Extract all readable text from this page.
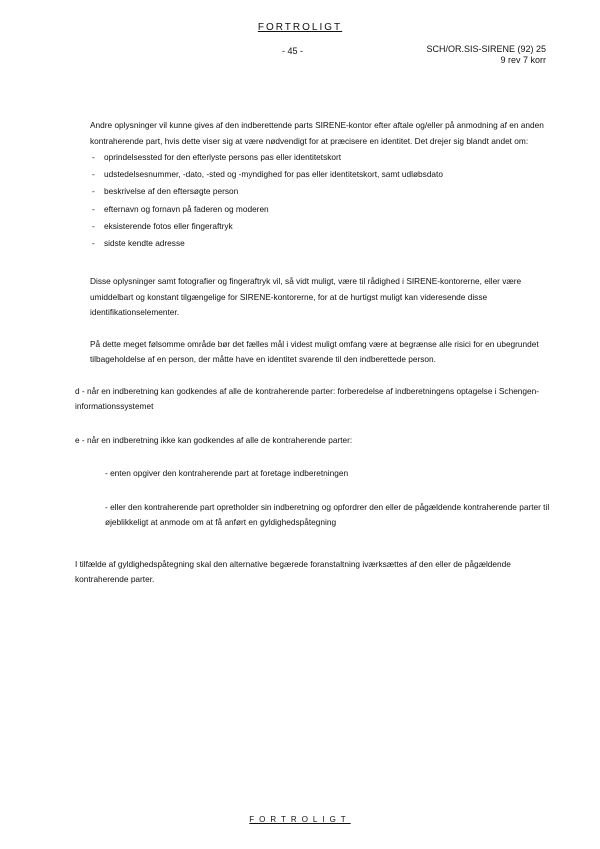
FORTROLIGT
- 45 -	SCH/OR.SIS-SIRENE (92) 25
9 rev 7 korr

Andre oplysninger vil kunne gives af den indberettende parts SIRENE-kontor efter aftale og/eller på anmodning af en anden kontraherende part, hvis dette viser sig at være nødvendigt for at præcisere en identitet. Det drejer sig blandt andet om:

- oprindelsessted for den efterlyste persons pas eller identitetskort
- udstedelsesnummer, -dato, -sted og -myndighed for pas eller identitetskort, samt udløbsdato
- beskrivelse af den eftersøgte person
- efternavn og fornavn på faderen og moderen
- eksisterende fotos eller fingeraftryk
- sidste kendte adresse

Disse oplysninger samt fotografier og fingeraftryk vil, så vidt muligt, være til rådighed i SIRENE-kontorerne, eller være umiddelbart og konstant tilgængelige for SIRENE-kontorerne, for at de hurtigst muligt kan videresende disse identifikationselementer.

På dette meget følsomme område bør det fælles mål i videst muligt omfang være at begrænse alle risici for en ubegrundet tilbageholdelse af en person, der måtte have en identitet svarende til den indberettede person.

d - når en indberetning kan godkendes af alle de kontraherende parter: forberedelse af indberetningens optagelse i Schengen-informationssystemet

e - når en indberetning ikke kan godkendes af alle de kontraherende parter:

- enten opgiver den kontraherende part at foretage indberetningen

- eller den kontraherende part opretholder sin indberetning og opfordrer den eller de pågældende kontraherende parter til øjeblikkeligt at anmode om at få anført en gyldighedspåtegning

I tilfælde af gyldighedspåtegning skal den alternative begærede foranstaltning iværksættes af den eller de pågældende kontraherende parter.

FORTROLIGT
